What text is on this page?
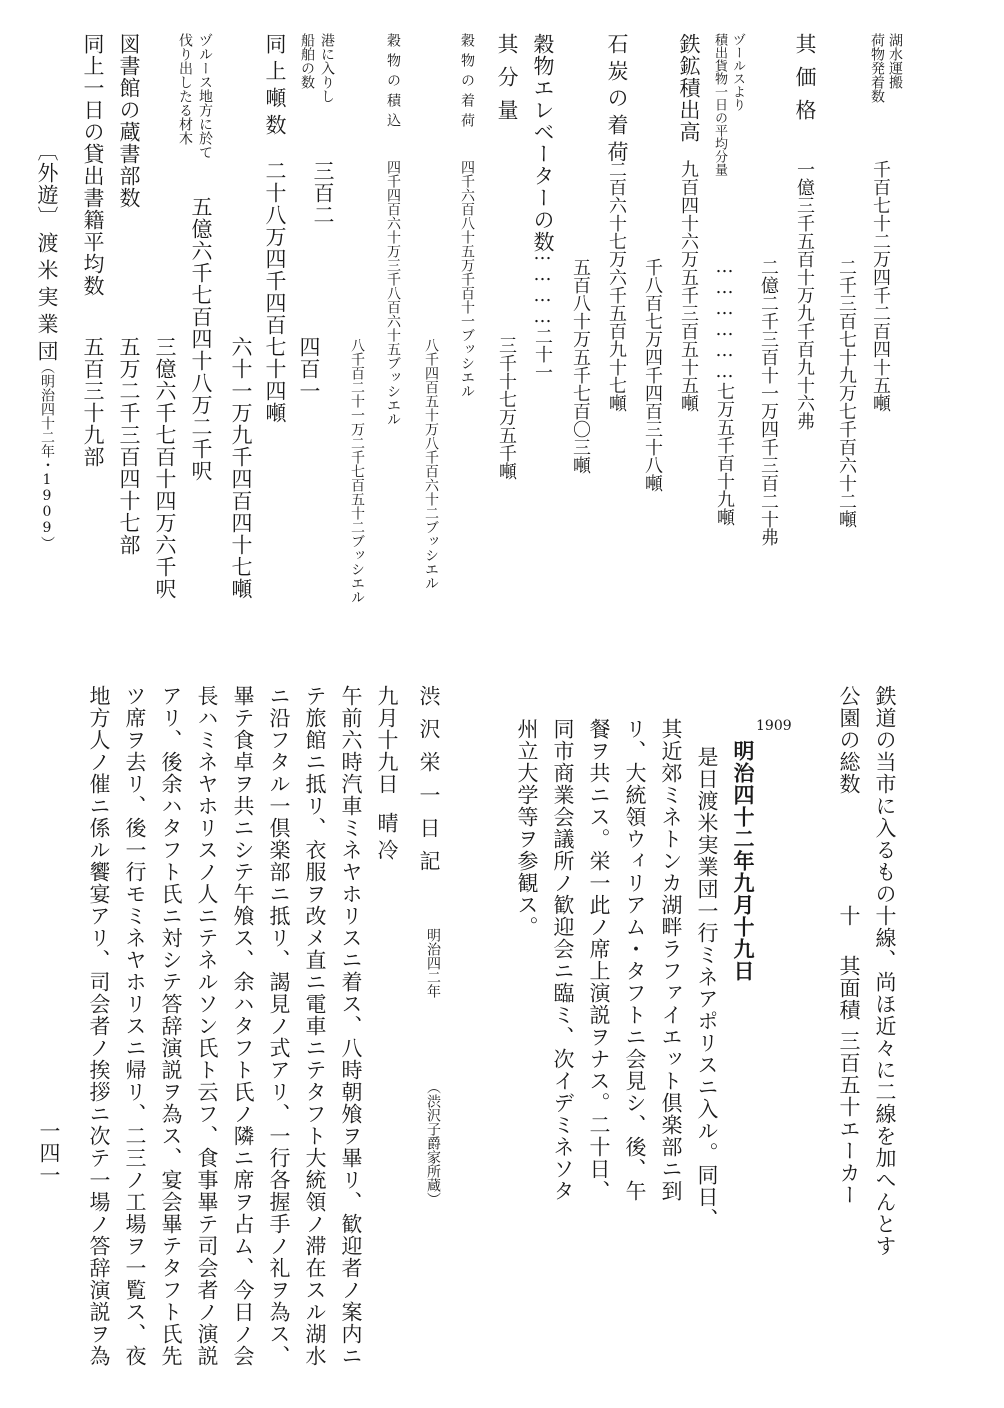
湖水運搬
荷物発着数
千百七十二万四千二百四十五噸
二千三百七十九万七千百六十二噸
其価格
一億三千五百十万九千百九十六弗
二億二千三百十一万四千三百二十弗
ヅールスより
積出貨物一日の平均分量
………………七万五千百十九噸
鉄鉱積出高
九百四十六万五千三百五十五噸
千八百七万四千四百三十八噸
石炭の着荷
二百六十七万六千五百九十七噸
五百八十万五千七百〇三噸
穀物エレベーターの数
…………二十一
其分量
三千十七万五千噸
穀物の着荷
四千六百八十五万千百十一ブッシエル
八千四百五十万八千百六十二ブッシエル
穀物の積込
四千四百六十万三千八百六十五ブッシエル
八千百二十一万二千七百五十二ブッシエル
港に入りし
船舶の数
三百二
四百一
同上噸数
二十八万四千四百七十四噸
六十一万九千四百四十七噸
ヅルース地方に於て
伐り出したる材木
五億六千七百四十八万二千呎
三億六千七百十四万六千呎
図書館の蔵書部数
五万二千三百四十七部
同上一日の貸出書籍平均数
五百三十九部
〔外遊〕
渡米実業団
（明治四十二年・1909）
鉄道の当市に入るもの十線、尚ほ近々に二線を加へんとす
公園の総数
十
其面積
三百五十エーカー
1909
明治四十二年九月十九日
是日渡米実業団一行ミネアポリスニ入ル。同日、
其近郊ミネトンカ湖畔ラファイエット倶楽部ニ到
リ、大統領ウィリアム・タフトニ会見シ、後、午
餐ヲ共ニス。栄一此ノ席上演説ヲナス。二十日、
同市商業会議所ノ歓迎会ニ臨ミ、次イデミネソタ
州立大学等ヲ参観ス。
渋沢栄一日記
明治四二年
（渋沢子爵家所蔵）
九月十九日
晴冷
午前六時汽車ミネヤホリスニ着ス、八時朝飧ヲ畢リ、歓迎者ノ案内ニ
テ旅館ニ抵リ、衣服ヲ改メ直ニ電車ニテタフト大統領ノ滞在スル湖水
ニ沿フタル一倶楽部ニ抵リ、謁見ノ式アリ、一行各握手ノ礼ヲ為ス、
畢テ食卓ヲ共ニシテ午飧ス、余ハタフト氏ノ隣ニ席ヲ占ム、今日ノ会
長ハミネヤホリスノ人ニテネルソン氏ト云フ、食事畢テ司会者ノ演説
アリ、後余ハタフト氏ニ対シテ答辞演説ヲ為ス、宴会畢テタフト氏先
ツ席ヲ去リ、後一行モミネヤホリスニ帰リ、二三ノ工場ヲ一覧ス、夜
地方人ノ催ニ係ル饗宴アリ、司会者ノ挨拶ニ次テ一場ノ答辞演説ヲ為
一四一
